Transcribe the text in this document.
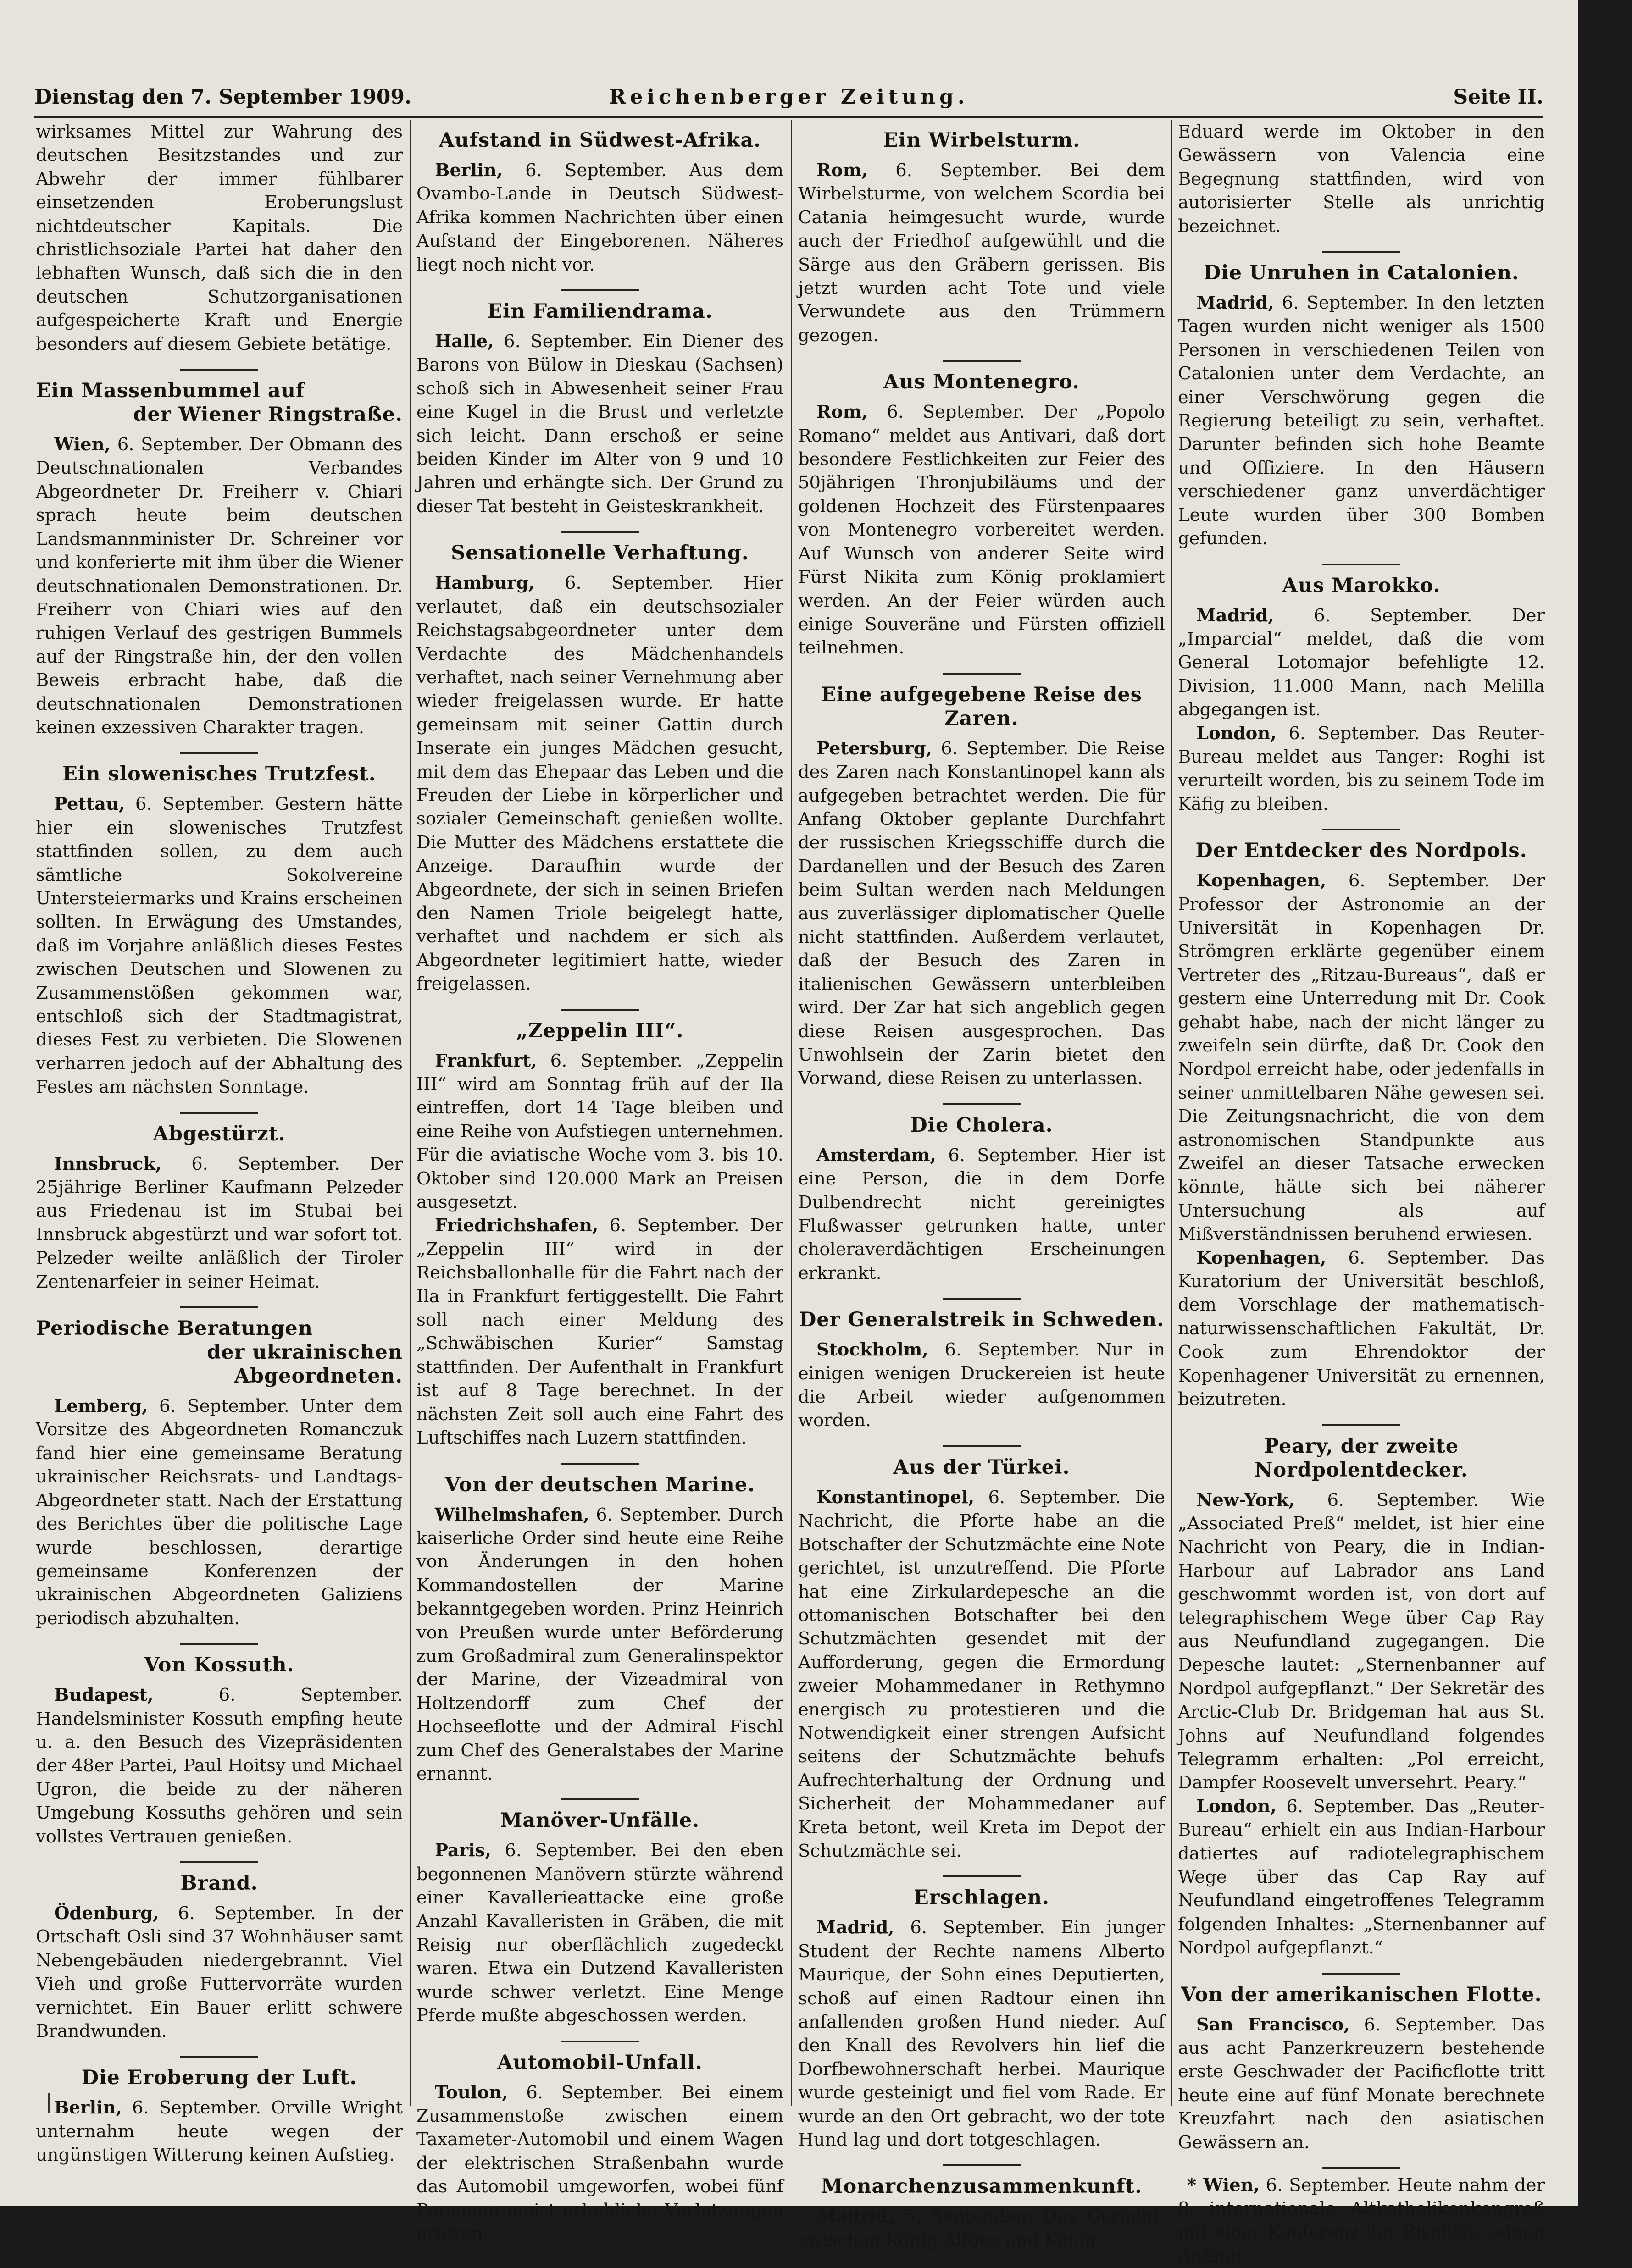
Dienstag den 7. September 1909.	Reichenberger Zeitung.	Seite II.

wirksames Mittel zur Wahrung des deutschen Besitzstandes und zur Abwehr der immer fühlbarer einsetzenden Eroberungslust nichtdeutscher Kapitals. Die christlichsoziale Partei hat daher den lebhaften Wunsch, daß sich die in den deutschen Schutzorganisationen aufgespeicherte Kraft und Energie besonders auf diesem Gebiete betätige.

Ein Massenbummel auf
der Wiener Ringstraße.

Wien, 6. September. Der Obmann des Deutschnationalen Verbandes Abgeordneter Dr. Freiherr v. Chiari sprach heute beim deutschen Landsmannminister Dr. Schreiner vor und konferierte mit ihm über die Wiener deutschnationalen Demonstrationen. Dr. Freiherr von Chiari wies auf den ruhigen Verlauf des gestrigen Bummels auf der Ringstraße hin, der den vollen Beweis erbracht habe, daß die deutschnationalen Demonstrationen keinen exzessiven Charakter tragen.

Ein slowenisches Trutzfest.

Pettau, 6. September. Gestern hätte hier ein slowenisches Trutzfest stattfinden sollen, zu dem auch sämtliche Sokolvereine Untersteiermarks und Krains erscheinen sollten. In Erwägung des Umstandes, daß im Vorjahre anläßlich dieses Festes zwischen Deutschen und Slowenen zu Zusammenstößen gekommen war, entschloß sich der Stadtmagistrat, dieses Fest zu verbieten. Die Slowenen verharren jedoch auf der Abhaltung des Festes am nächsten Sonntage.

Abgestürzt.

Innsbruck, 6. September. Der 25jährige Berliner Kaufmann Pelzeder aus Friedenau ist im Stubai bei Innsbruck abgestürzt und war sofort tot. Pelzeder weilte anläßlich der Tiroler Zentenarfeier in seiner Heimat.

Periodische Beratungen
der ukrainischen Abgeordneten.

Lemberg, 6. September. Unter dem Vorsitze des Abgeordneten Romanczuk fand hier eine gemeinsame Beratung ukrainischer Reichsrats- und Landtags-Abgeordneter statt. Nach der Erstattung des Berichtes über die politische Lage wurde beschlossen, derartige gemeinsame Konferenzen der ukrainischen Abgeordneten Galiziens periodisch abzuhalten.

Von Kossuth.

Budapest,	6. September. Handelsminister Kossuth empfing heute u. a. den Besuch des Vizepräsidenten der 48er Partei, Paul Hoitsy und Michael Ugron, die beide zu der näheren Umgebung Kossuths gehören und sein vollstes Vertrauen genießen.

Brand.

Ödenburg, 6. September. In der Ortschaft Osli sind 37 Wohnhäuser samt Nebengebäuden niedergebrannt. Viel Vieh und große Futtervorräte wurden vernichtet. Ein Bauer erlitt schwere Brandwunden.

Die Eroberung der Luft.

Berlin, 6. September. Orville Wright unternahm heute wegen der ungünstigen Witterung keinen Aufstieg.

Aufstand in Südwest-Afrika.

Berlin, 6. September. Aus dem Ovambo-Lande in Deutsch Südwest-Afrika kommen Nachrichten über einen Aufstand der Eingeborenen. Näheres liegt noch nicht vor.

Ein Familiendrama.

Halle, 6. September. Ein Diener des Barons von Bülow in Dieskau (Sachsen) schoß sich in Abwesenheit seiner Frau eine Kugel in die Brust und verletzte sich leicht. Dann erschoß er seine beiden Kinder im Alter von 9 und 10 Jahren und erhängte sich. Der Grund zu dieser Tat besteht in Geisteskrankheit.

Sensationelle Verhaftung.

Hamburg, 6. September. Hier verlautet, daß ein deutschsozialer Reichstagsabgeordneter unter dem Verdachte des Mädchenhandels verhaftet, nach seiner Vernehmung aber wieder freigelassen wurde. Er hatte gemeinsam mit seiner Gattin durch Inserate ein junges Mädchen gesucht, mit dem das Ehepaar das Leben und die Freuden der Liebe in körperlicher und sozialer Gemeinschaft genießen wollte. Die Mutter des Mädchens erstattete die Anzeige. Daraufhin wurde der Abgeordnete, der sich in seinen Briefen den Namen Triole beigelegt hatte, verhaftet und nachdem er sich als Abgeordneter legitimiert hatte, wieder freigelassen.

„Zeppelin III“.

Frankfurt, 6. September. „Zeppelin III“ wird am Sonntag früh auf der Ila eintreffen, dort 14 Tage bleiben und eine Reihe von Aufstiegen unternehmen. Für die aviatische Woche vom 3. bis 10. Oktober sind 120.000 Mark an Preisen ausgesetzt.

Friedrichshafen, 6. September. Der „Zeppelin III“ wird in der Reichsballonhalle für die Fahrt nach der Ila in Frankfurt fertiggestellt. Die Fahrt soll nach einer Meldung des „Schwäbischen Kurier“ Samstag stattfinden. Der Aufenthalt in Frankfurt ist auf 8 Tage berechnet. In der nächsten Zeit soll auch eine Fahrt des Luftschiffes nach Luzern stattfinden.

Von der deutschen Marine.

Wilhelmshafen, 6. September. Durch kaiserliche Order sind heute eine Reihe von Änderungen in den hohen Kommandostellen der Marine bekanntgegeben worden. Prinz Heinrich von Preußen wurde unter Beförderung zum Großadmiral zum Generalinspektor der Marine, der Vizeadmiral von Holtzendorff zum Chef der Hochseeflotte und der Admiral Fischl zum Chef des Generalstabes der Marine ernannt.

Manöver-Unfälle.

Paris, 6. September. Bei den eben begonnenen Manövern stürzte während einer Kavallerieattacke eine große Anzahl Kavalleristen in Gräben, die mit Reisig nur oberflächlich zugedeckt waren. Etwa ein Dutzend Kavalleristen wurde schwer verletzt. Eine Menge Pferde mußte abgeschossen werden.

Automobil-Unfall.

Toulon, 6. September. Bei einem Zusammenstoße zwischen einem Taxameter-Automobil und einem Wagen der elektrischen Straßenbahn wurde das Automobil umgeworfen, wobei fünf Personen meist erhebliche Verletzungen erlitten.

Ein Wirbelsturm.

Rom, 6. September. Bei dem Wirbelsturme, von welchem Scordia bei Catania heimgesucht wurde, wurde auch der Friedhof aufgewühlt und die Särge aus den Gräbern gerissen. Bis jetzt wurden acht Tote und viele Verwundete aus den Trümmern gezogen.

Aus Montenegro.

Rom, 6. September. Der „Popolo Romano“ meldet aus Antivari, daß dort besondere Festlichkeiten zur Feier des 50jährigen Thronjubiläums und der goldenen Hochzeit des Fürstenpaares von Montenegro vorbereitet werden. Auf Wunsch von anderer Seite wird Fürst Nikita zum König proklamiert werden. An der Feier würden auch einige Souveräne und Fürsten offiziell teilnehmen.

Eine aufgegebene Reise des Zaren.

Petersburg, 6. September. Die Reise des Zaren nach Konstantinopel kann als aufgegeben betrachtet werden. Die für Anfang Oktober geplante Durchfahrt der russischen Kriegsschiffe durch die Dardanellen und der Besuch des Zaren beim Sultan werden nach Meldungen aus zuverlässiger diplomatischer Quelle nicht stattfinden. Außerdem verlautet, daß der Besuch des Zaren in italienischen Gewässern unterbleiben wird. Der Zar hat sich angeblich gegen diese Reisen ausgesprochen. Das Unwohlsein der Zarin bietet den Vorwand, diese Reisen zu unterlassen.

Die Cholera.

Amsterdam, 6. September. Hier ist eine Person, die in dem Dorfe Dulbendrecht nicht gereinigtes Flußwasser getrunken hatte, unter choleraverdächtigen Erscheinungen erkrankt.

Der Generalstreik in Schweden.

Stockholm, 6. September. Nur in einigen wenigen Druckereien ist heute die Arbeit wieder aufgenommen worden.

Aus der Türkei.

Konstantinopel, 6. September. Die Nachricht, die Pforte habe an die Botschafter der Schutzmächte eine Note gerichtet, ist unzutreffend. Die Pforte hat eine Zirkulardepesche an die ottomanischen Botschafter bei den Schutzmächten gesendet mit der Aufforderung, gegen die Ermordung zweier Mohammedaner in Rethymno energisch zu protestieren und die Notwendigkeit einer strengen Aufsicht seitens der Schutzmächte behufs Aufrechterhaltung der Ordnung und Sicherheit der Mohammedaner auf Kreta betont, weil Kreta im Depot der Schutzmächte sei.

Erschlagen.

Madrid, 6. September. Ein junger Student der Rechte namens Alberto Maurique, der Sohn eines Deputierten, schoß auf einen Radtour einen ihn anfallenden großen Hund nieder. Auf den Knall des Revolvers hin lief die Dorfbewohnerschaft herbei. Maurique wurde gesteinigt und fiel vom Rade. Er wurde an den Ort gebracht, wo der tote Hund lag und dort totgeschlagen.

Monarchenzusammenkunft.

Madrid, 5. September. Das Gerücht, zwischen König Alfons und König

Eduard werde im Oktober in den Gewässern von Valencia eine Begegnung stattfinden, wird von autorisierter Stelle als unrichtig bezeichnet.

Die Unruhen in Catalonien.

Madrid, 6. September. In den letzten Tagen wurden nicht weniger als 1500 Personen in verschiedenen Teilen von Catalonien unter dem Verdachte, an einer Verschwörung gegen die Regierung beteiligt zu sein, verhaftet. Darunter befinden sich hohe Beamte und Offiziere. In den Häusern verschiedener ganz unverdächtiger Leute wurden über 300 Bomben gefunden.

Aus Marokko.

Madrid, 6. September. Der „Imparcial“ meldet, daß die vom General Lotomajor befehligte 12. Division, 11.000 Mann, nach Melilla abgegangen ist.

London, 6. September. Das Reuter-Bureau meldet aus Tanger: Roghi ist verurteilt worden, bis zu seinem Tode im Käfig zu bleiben.

Der Entdecker des Nordpols.

Kopenhagen, 6. September. Der Professor der Astronomie an der Universität in Kopenhagen Dr. Strömgren erklärte gegenüber einem Vertreter des „Ritzau-Bureaus“, daß er gestern eine Unterredung mit Dr. Cook gehabt habe, nach der nicht länger zu zweifeln sein dürfte, daß Dr. Cook den Nordpol erreicht habe, oder jedenfalls in seiner unmittelbaren Nähe gewesen sei. Die Zeitungsnachricht, die von dem astronomischen Standpunkte aus Zweifel an dieser Tatsache erwecken könnte, hätte sich bei näherer Untersuchung als auf Mißverständnissen beruhend erwiesen.

Kopenhagen, 6. September. Das Kuratorium der Universität beschloß, dem Vorschlage der mathematisch-naturwissenschaftlichen Fakultät, Dr. Cook zum Ehrendoktor der Kopenhagener Universität zu ernennen, beizutreten.

Peary, der zweite Nordpolentdecker.

New-York, 6. September. Wie „Associated Preß“ meldet, ist hier eine Nachricht von Peary, die in Indian-Harbour auf Labrador ans Land geschwommt worden ist, von dort auf telegraphischem Wege über Cap Ray aus Neufundland zugegangen. Die Depesche lautet: „Sternenbanner auf Nordpol aufgepflanzt.“ Der Sekretär des Arctic-Club Dr. Bridgeman hat aus St. Johns auf Neufundland folgendes Telegramm erhalten: „Pol erreicht, Dampfer Roosevelt unversehrt. Peary.“

London, 6. September. Das „Reuter-Bureau“ erhielt ein aus Indian-Harbour datiertes auf radiotelegraphischem Wege über das Cap Ray auf Neufundland eingetroffenes Telegramm folgenden Inhaltes: „Sternenbanner auf Nordpol aufgepflanzt.“

Von der amerikanischen Flotte.

San Francisco, 6. September. Das aus acht Panzerkreuzern bestehende erste Geschwader der Pacificflotte tritt heute eine auf fünf Monate berechnete Kreuzfahrt nach den asiatischen Gewässern an.

* Wien, 6. September. Heute nahm der 8. internationale Altkatholikenkongreß mit einer Konferenz der Bischöfe seinen Anfang.
